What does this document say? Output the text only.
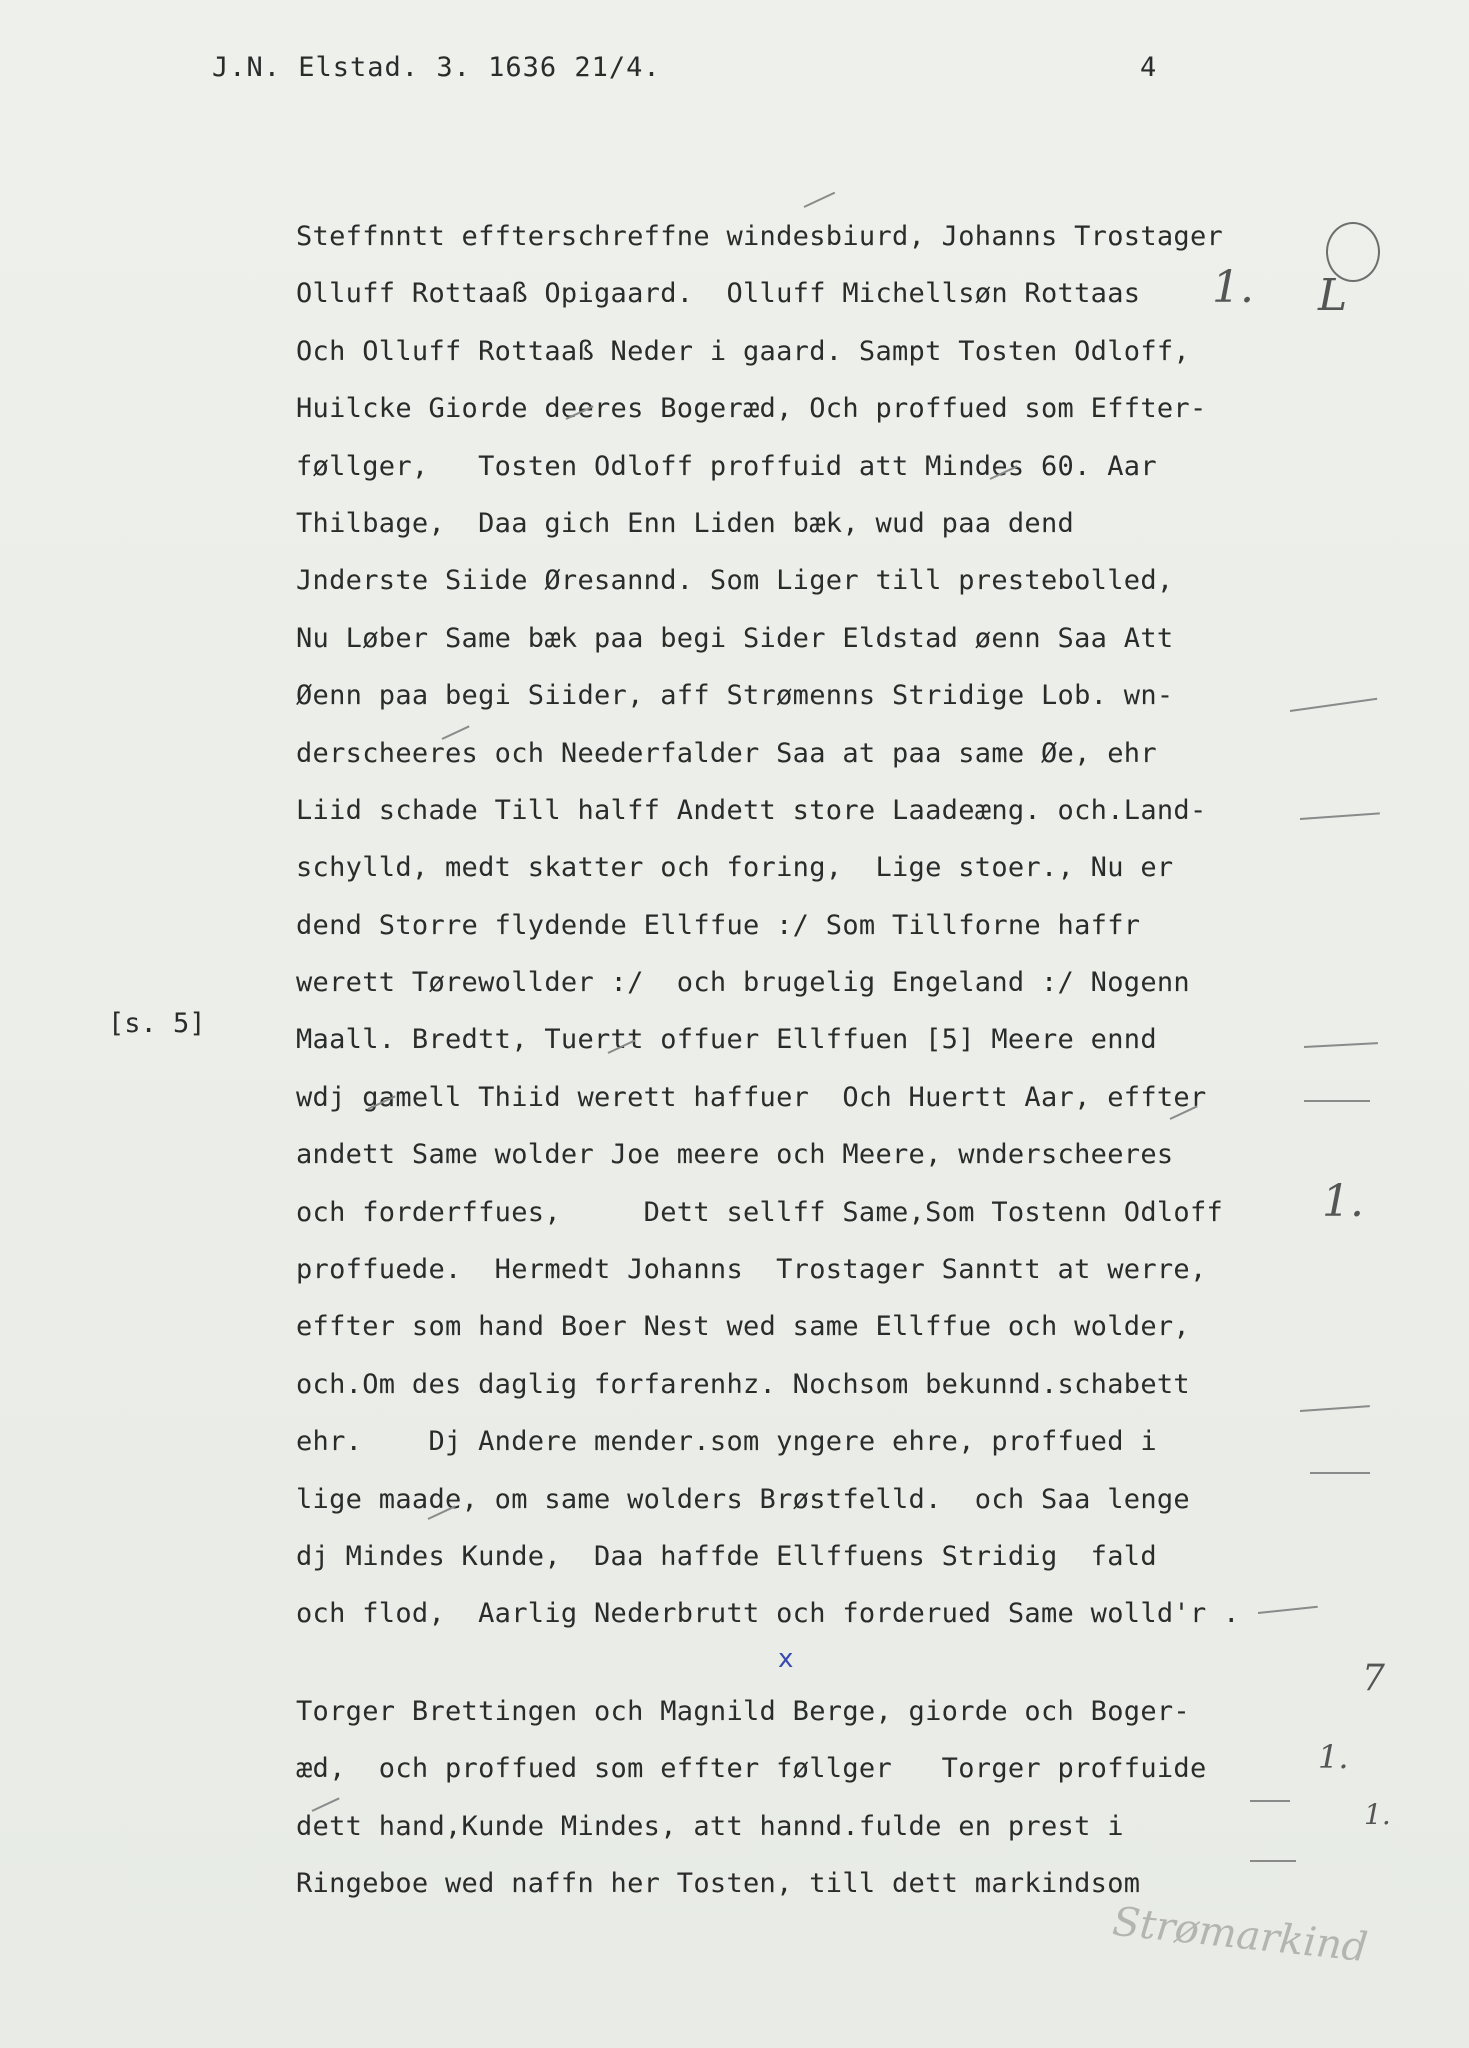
J.N. Elstad. 3. 1636 21/4.	4
[s. 5]
Steffnntt effterschreffne windesbiurd, Johanns Trostager
Olluff Rottaaß Opigaard.  Olluff Michellsøn Rottaas
Och Olluff Rottaaß Neder i gaard. Sampt Tosten Odloff,
Huilcke Giorde deeres Bogeræd, Och proffued som Effter-
føllger,   Tosten Odloff proffuid att Mindes 60. Aar
Thilbage,  Daa gich Enn Liden bæk, wud paa dend
Jnderste Siide Øresannd. Som Liger till prestebolled,
Nu Løber Same bæk paa begi Sider Eldstad øenn Saa Att
Øenn paa begi Siider, aff Strømenns Stridige Lob. wn-
derscheeres och Neederfalder Saa at paa same Øe, ehr
Liid schade Till halff Andett store Laadeæng. och.Land-
schylld, medt skatter och foring,  Lige stoer., Nu er
dend Storre flydende Ellffue :/ Som Tillforne haffr
werett Tørewollder :/  och brugelig Engeland :/ Nogenn
Maall. Bredtt, Tuertt offuer Ellffuen [5] Meere ennd
wdj gamell Thiid werett haffuer  Och Huertt Aar, effter
andett Same wolder Joe meere och Meere, wnderscheeres
och forderffues,     Dett sellff Same,Som Tostenn Odloff
proffuede.  Hermedt Johanns  Trostager Sanntt at werre,
effter som hand Boer Nest wed same Ellffue och wolder,
och.Om des daglig forfarenhz. Nochsom bekunnd.schabett
ehr.    Dj Andere mender.som yngere ehre, proffued i
lige maade, om same wolders Brøstfelld.  och Saa lenge
dj Mindes Kunde,  Daa haffde Ellffuens Stridig  fald
och flod,  Aarlig Nederbrutt och forderued Same wolld'r .
Torger Brettingen och Magnild Berge, giorde och Boger-
æd,  och proffued som effter føllger   Torger proffuide
dett hand,Kunde Mindes, att hannd.fulde en prest i
Ringeboe wed naffn her Tosten, till dett markindsom
1. L
1.
1.
7
1.
x
Strømarkind
